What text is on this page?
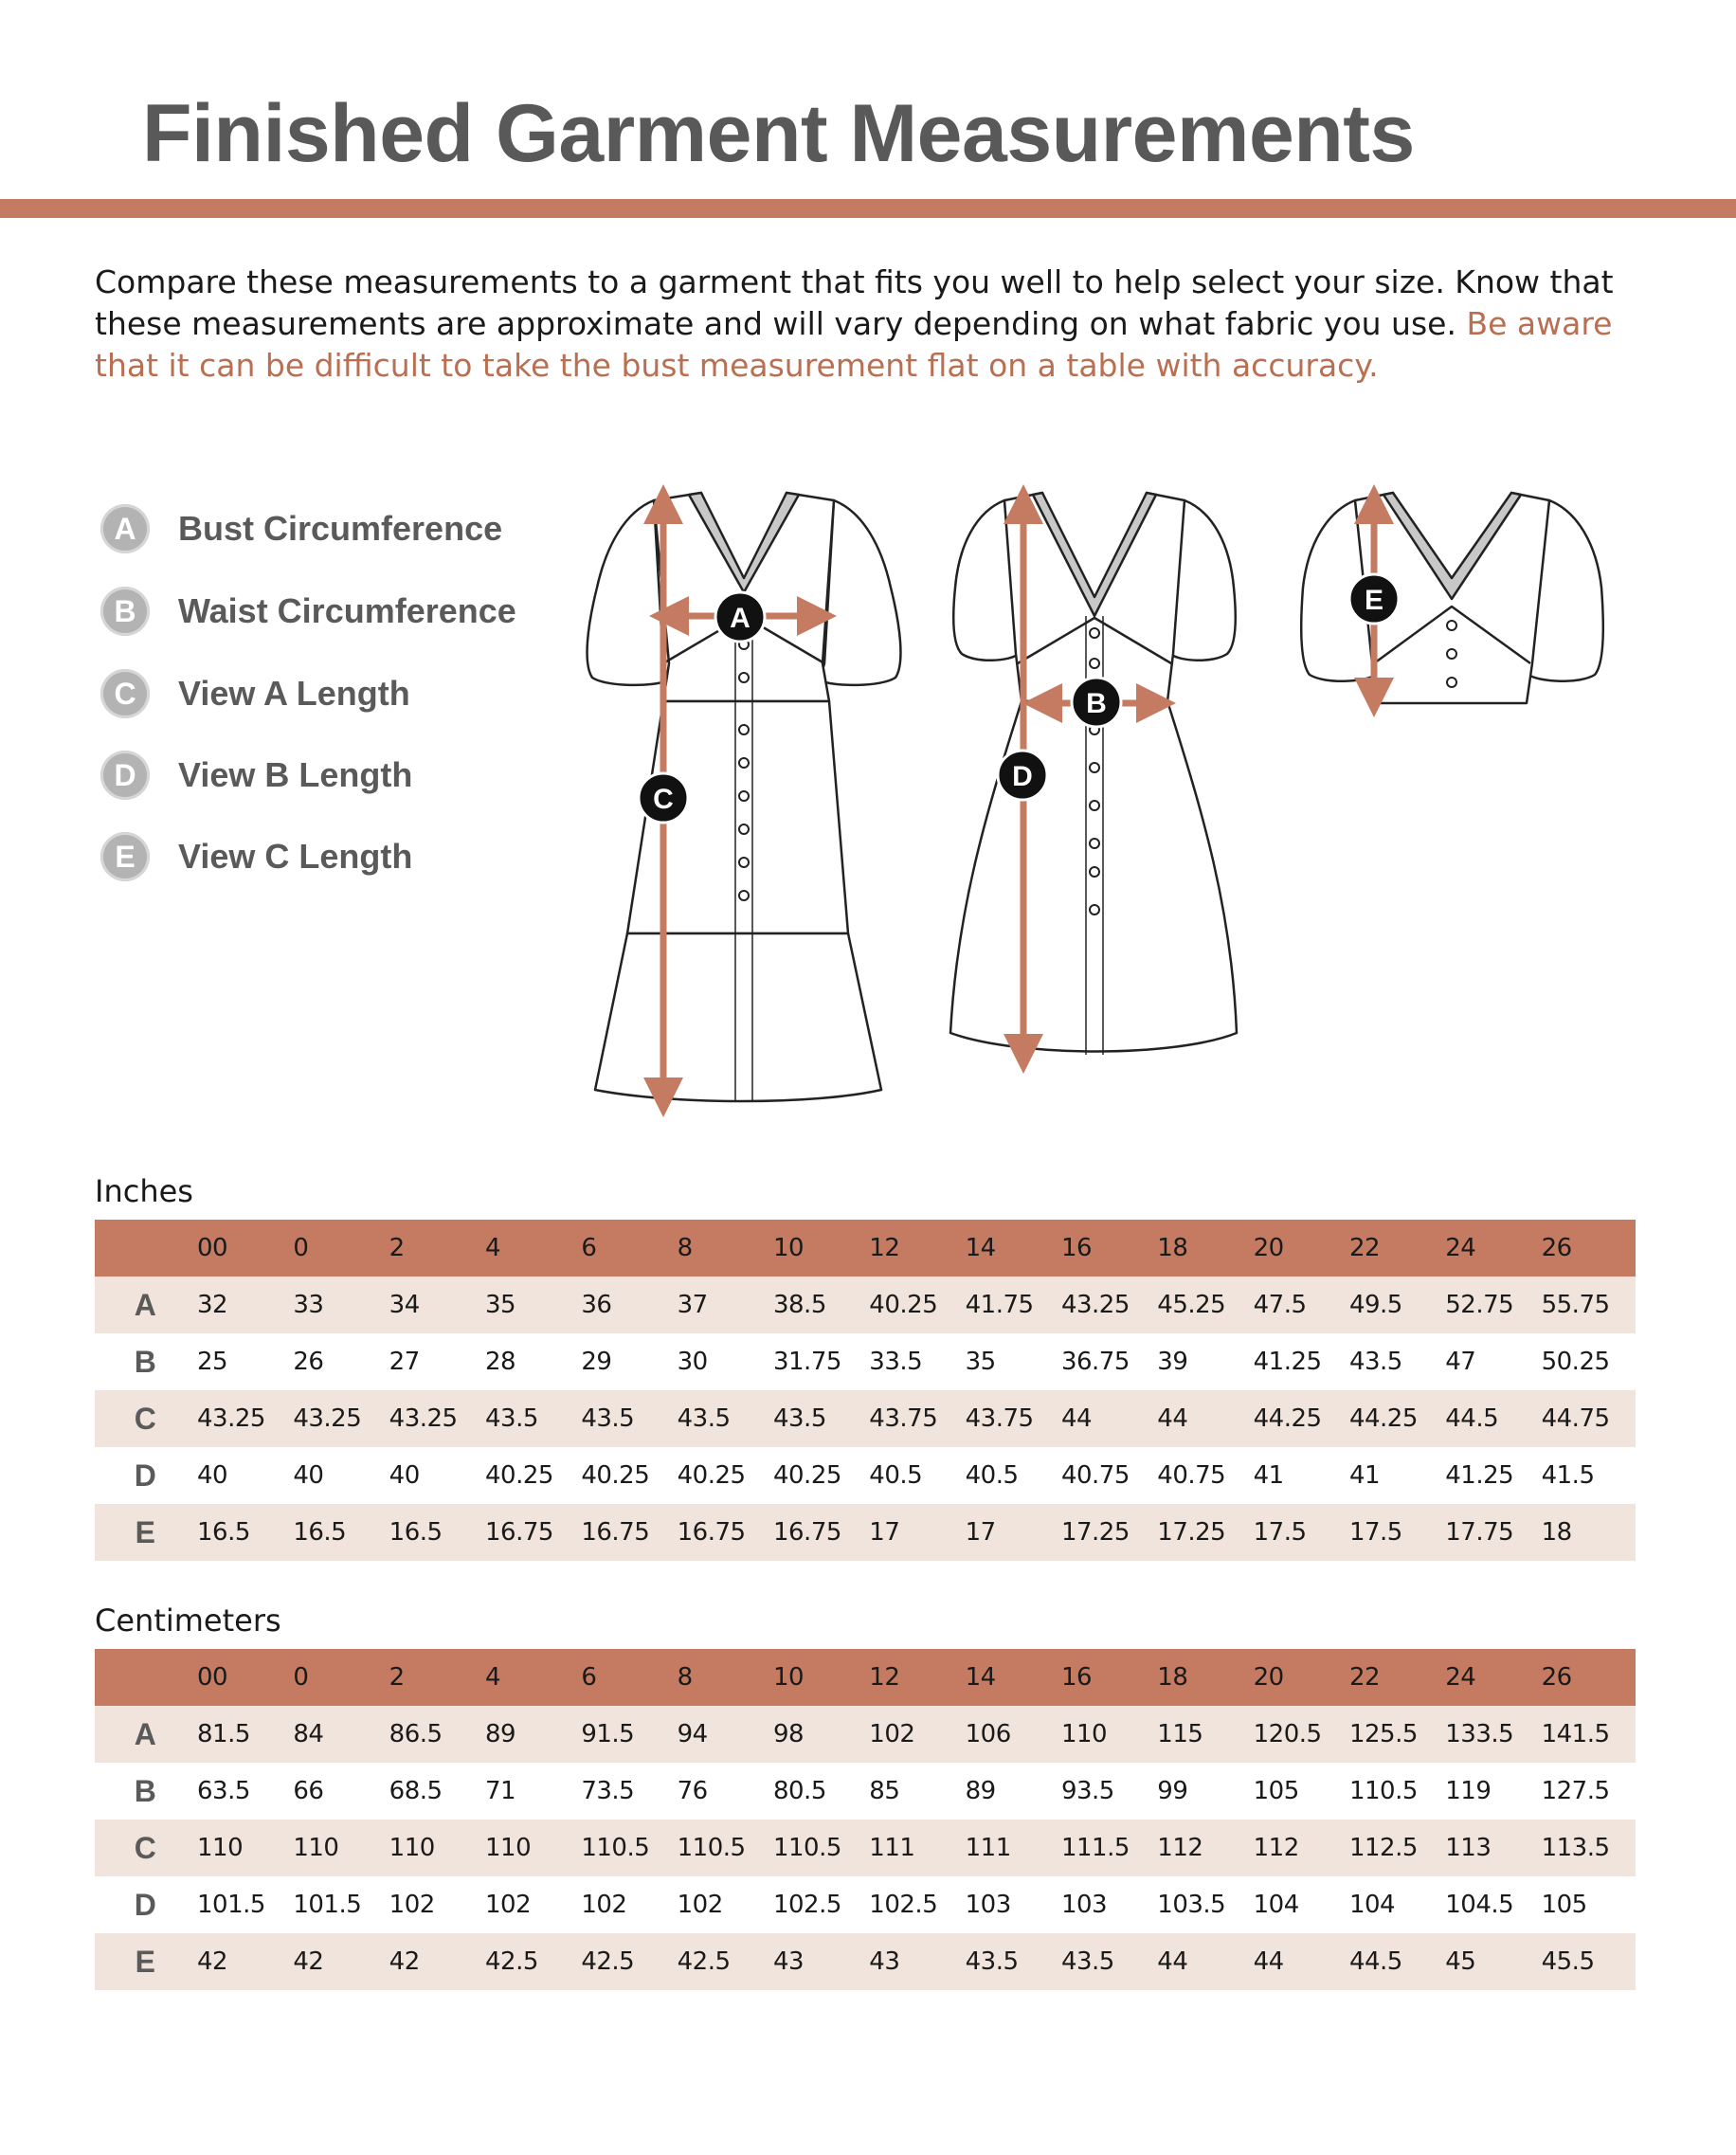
Finished Garment Measurements

Compare these measurements to a garment that fits you well to help select your size. Know that these measurements are approximate and will vary depending on what fabric you use. Be aware that it can be difficult to take the bust measurement flat on a table with accuracy.

A	Bust Circumference
B	Waist Circumference
C	View A Length
D	View B Length
E	View C Length
A
B
C
D
E
Inches
	00	0	2	4	6	8	10	12	14	16	18	20	22	24	26
A	32	33	34	35	36	37	38.5	40.25	41.75	43.25	45.25	47.5	49.5	52.75	55.75
B	25	26	27	28	29	30	31.75	33.5	35	36.75	39	41.25	43.5	47	50.25
C	43.25	43.25	43.25	43.5	43.5	43.5	43.5	43.75	43.75	44	44	44.25	44.25	44.5	44.75
D	40	40	40	40.25	40.25	40.25	40.25	40.5	40.5	40.75	40.75	41	41	41.25	41.5
E	16.5	16.5	16.5	16.75	16.75	16.75	16.75	17	17	17.25	17.25	17.5	17.5	17.75	18
Centimeters
	00	0	2	4	6	8	10	12	14	16	18	20	22	24	26
A	81.5	84	86.5	89	91.5	94	98	102	106	110	115	120.5	125.5	133.5	141.5
B	63.5	66	68.5	71	73.5	76	80.5	85	89	93.5	99	105	110.5	119	127.5
C	110	110	110	110	110.5	110.5	110.5	111	111	111.5	112	112	112.5	113	113.5
D	101.5	101.5	102	102	102	102	102.5	102.5	103	103	103.5	104	104	104.5	105
E	42	42	42	42.5	42.5	42.5	43	43	43.5	43.5	44	44	44.5	45	45.5
